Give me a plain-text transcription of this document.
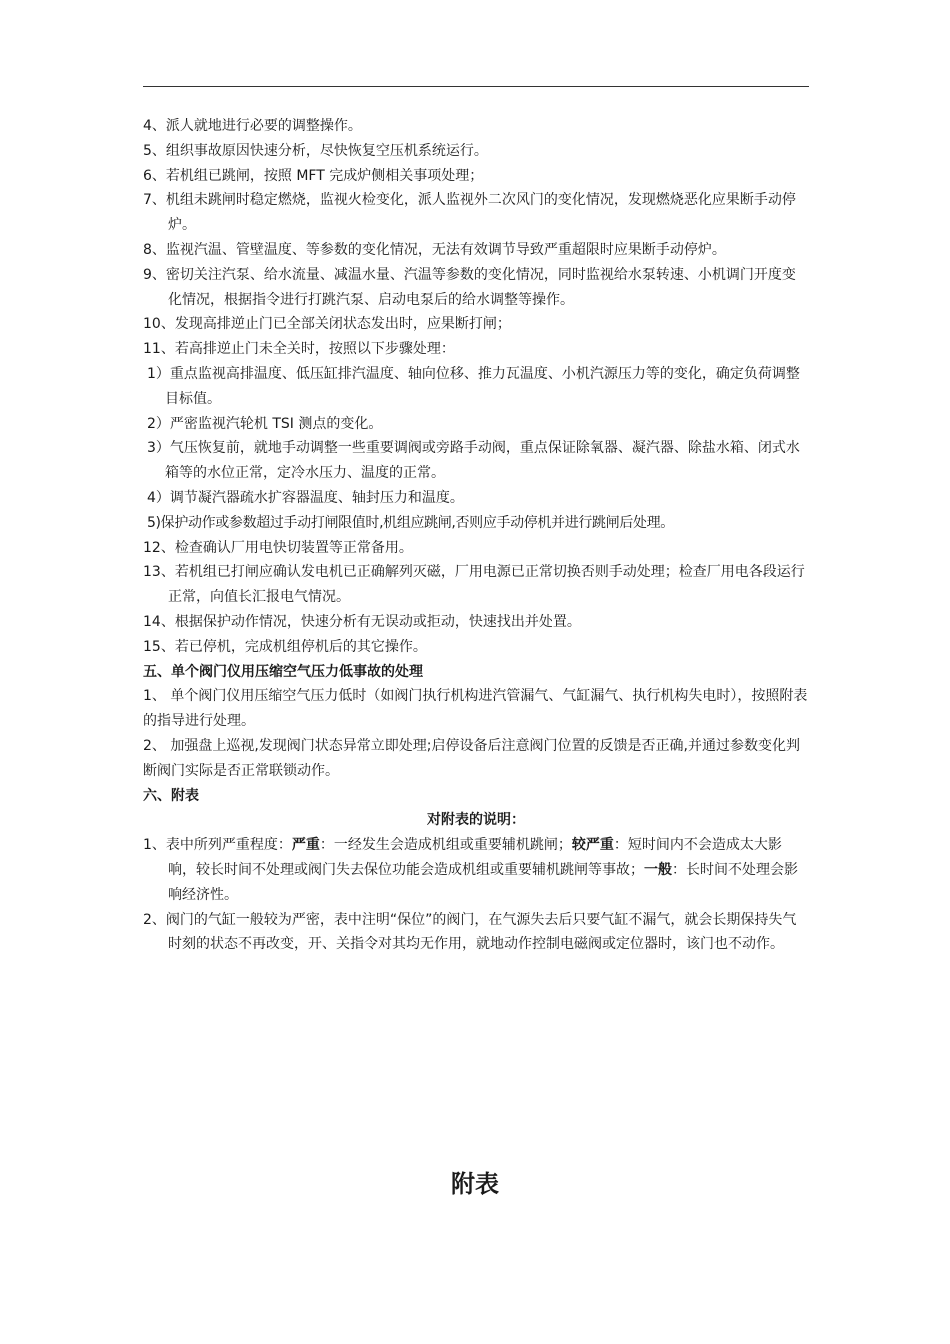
4、派人就地进行必要的调整操作。

5、组织事故原因快速分析，尽快恢复空压机系统运行。

6、若机组已跳闸，按照 MFT 完成炉侧相关事项处理；

7、机组未跳闸时稳定燃烧，监视火检变化，派人监视外二次风门的变化情况，发现燃烧恶化应果断手动停炉。

8、监视汽温、管壁温度、等参数的变化情况，无法有效调节导致严重超限时应果断手动停炉。

9、密切关注汽泵、给水流量、减温水量、汽温等参数的变化情况，同时监视给水泵转速、小机调门开度变化情况，根据指令进行打跳汽泵、启动电泵后的给水调整等操作。

10、发现高排逆止门已全部关闭状态发出时，应果断打闸；

11、若高排逆止门未全关时，按照以下步骤处理：

1）重点监视高排温度、低压缸排汽温度、轴向位移、推力瓦温度、小机汽源压力等的变化，确定负荷调整目标值。

2）严密监视汽轮机 TSI 测点的变化。

3）气压恢复前，就地手动调整一些重要调阀或旁路手动阀，重点保证除氧器、凝汽器、除盐水箱、闭式水箱等的水位正常，定冷水压力、温度的正常。

4）调节凝汽器疏水扩容器温度、轴封压力和温度。

5)保护动作或参数超过手动打闸限值时,机组应跳闸,否则应手动停机并进行跳闸后处理。

12、检查确认厂用电快切装置等正常备用。

13、若机组已打闸应确认发电机已正确解列灭磁，厂用电源已正常切换否则手动处理；检查厂用电各段运行正常，向值长汇报电气情况。

14、根据保护动作情况，快速分析有无误动或拒动，快速找出并处置。

15、若已停机，完成机组停机后的其它操作。

五、单个阀门仪用压缩空气压力低事故的处理

1、 单个阀门仪用压缩空气压力低时（如阀门执行机构进汽管漏气、气缸漏气、执行机构失电时），按照附表的指导进行处理。

2、 加强盘上巡视,发现阀门状态异常立即处理;启停设备后注意阀门位置的反馈是否正确,并通过参数变化判断阀门实际是否正常联锁动作。

六、附表

对附表的说明：

1、表中所列严重程度：严重：一经发生会造成机组或重要辅机跳闸；较严重：短时间内不会造成太大影响，较长时间不处理或阀门失去保位功能会造成机组或重要辅机跳闸等事故；一般：长时间不处理会影响经济性。

2、阀门的气缸一般较为严密，表中注明“保位”的阀门，在气源失去后只要气缸不漏气，就会长期保持失气时刻的状态不再改变，开、关指令对其均无作用，就地动作控制电磁阀或定位器时，该门也不动作。

附表
